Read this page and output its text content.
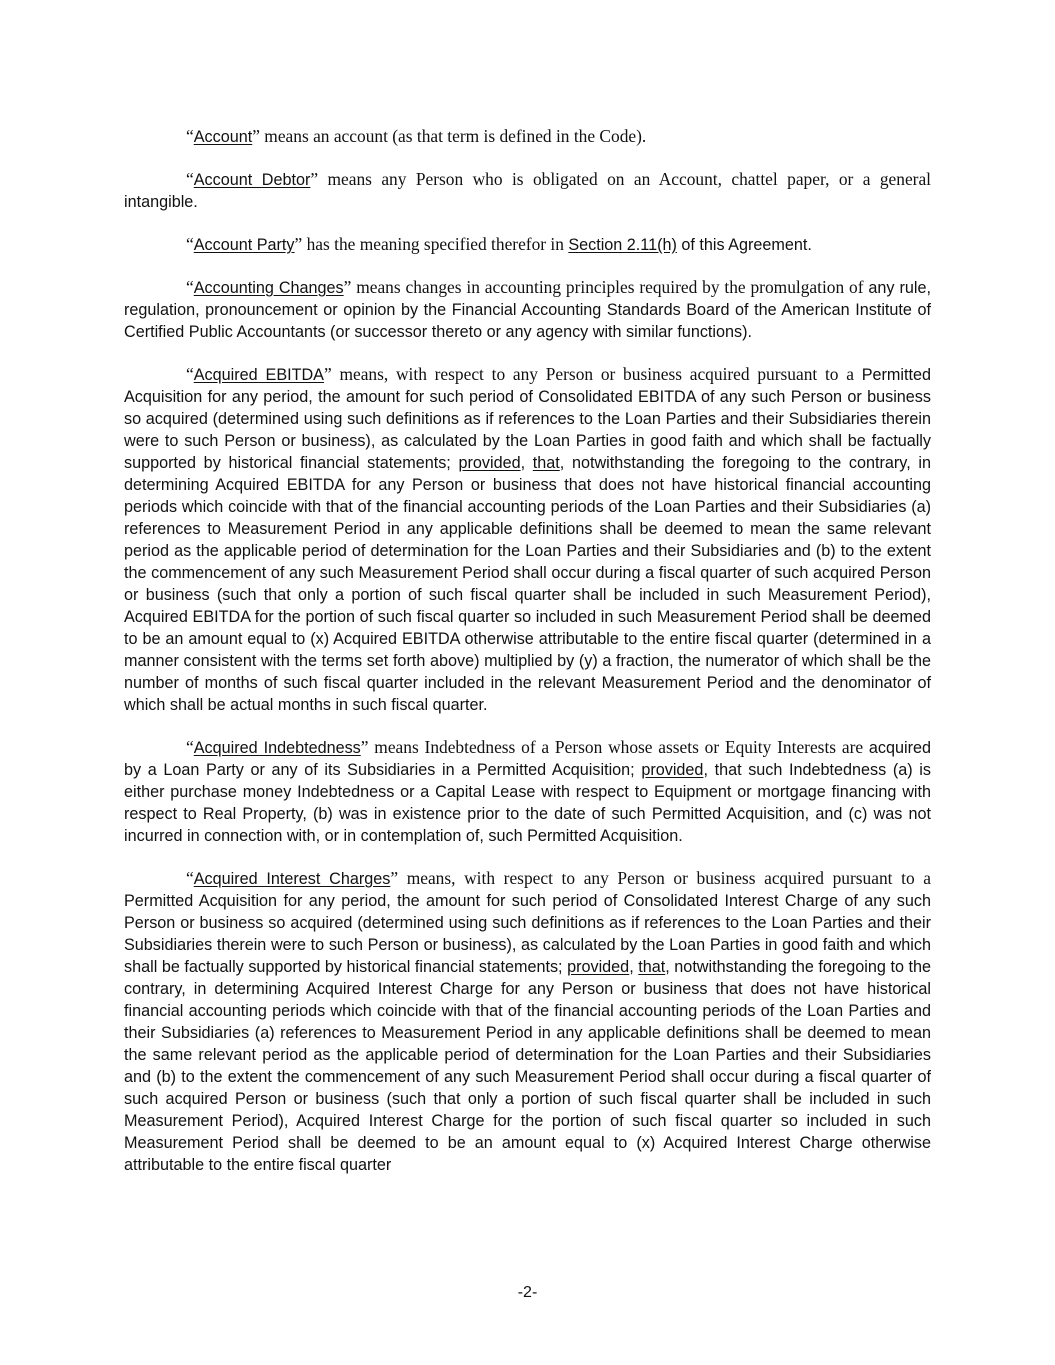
“Account” means an account (as that term is defined in the Code).

“Account Debtor” means any Person who is obligated on an Account, chattel paper, or a general intangible.

“Account Party” has the meaning specified therefor in Section 2.11(h) of this Agreement.

“Accounting Changes” means changes in accounting principles required by the promulgation of any rule, regulation, pronouncement or opinion by the Financial Accounting Standards Board of the American Institute of Certified Public Accountants (or successor thereto or any agency with similar functions).

“Acquired EBITDA” means, with respect to any Person or business acquired pursuant to a Permitted Acquisition for any period, the amount for such period of Consolidated EBITDA of any such Person or business so acquired (determined using such definitions as if references to the Loan Parties and their Subsidiaries therein were to such Person or business), as calculated by the Loan Parties in good faith and which shall be factually supported by historical financial statements; provided, that, notwithstanding the foregoing to the contrary, in determining Acquired EBITDA for any Person or business that does not have historical financial accounting periods which coincide with that of the financial accounting periods of the Loan Parties and their Subsidiaries (a) references to Measurement Period in any applicable definitions shall be deemed to mean the same relevant period as the applicable period of determination for the Loan Parties and their Subsidiaries and (b) to the extent the commencement of any such Measurement Period shall occur during a fiscal quarter of such acquired Person or business (such that only a portion of such fiscal quarter shall be included in such Measurement Period), Acquired EBITDA for the portion of such fiscal quarter so included in such Measurement Period shall be deemed to be an amount equal to (x) Acquired EBITDA otherwise attributable to the entire fiscal quarter (determined in a manner consistent with the terms set forth above) multiplied by (y) a fraction, the numerator of which shall be the number of months of such fiscal quarter included in the relevant Measurement Period and the denominator of which shall be actual months in such fiscal quarter.

“Acquired Indebtedness” means Indebtedness of a Person whose assets or Equity Interests are acquired by a Loan Party or any of its Subsidiaries in a Permitted Acquisition; provided, that such Indebtedness (a) is either purchase money Indebtedness or a Capital Lease with respect to Equipment or mortgage financing with respect to Real Property, (b) was in existence prior to the date of such Permitted Acquisition, and (c) was not incurred in connection with, or in contemplation of, such Permitted Acquisition.

“Acquired Interest Charges” means, with respect to any Person or business acquired pursuant to a Permitted Acquisition for any period, the amount for such period of Consolidated Interest Charge of any such Person or business so acquired (determined using such definitions as if references to the Loan Parties and their Subsidiaries therein were to such Person or business), as calculated by the Loan Parties in good faith and which shall be factually supported by historical financial statements; provided, that, notwithstanding the foregoing to the contrary, in determining Acquired Interest Charge for any Person or business that does not have historical financial accounting periods which coincide with that of the financial accounting periods of the Loan Parties and their Subsidiaries (a) references to Measurement Period in any applicable definitions shall be deemed to mean the same relevant period as the applicable period of determination for the Loan Parties and their Subsidiaries and (b) to the extent the commencement of any such Measurement Period shall occur during a fiscal quarter of such acquired Person or business (such that only a portion of such fiscal quarter shall be included in such Measurement Period), Acquired Interest Charge for the portion of such fiscal quarter so included in such Measurement Period shall be deemed to be an amount equal to (x) Acquired Interest Charge otherwise attributable to the entire fiscal quarter

-2-
